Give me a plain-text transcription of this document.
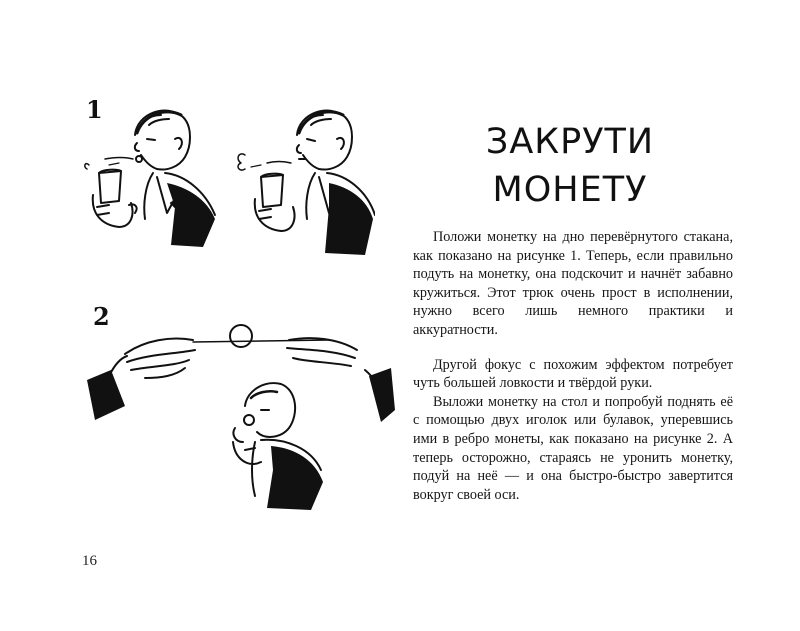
1
2
ЗАКРУТИ
МОНЕТУ

Положи монетку на дно перевёрнутого стакана, как показано на рисунке 1. Теперь, если правильно подуть на монетку, она подскочит и начнёт забавно кружиться. Этот трюк очень прост в исполнении, нужно всего лишь немного практики и аккуратности.

Другой фокус с похожим эффектом потребует чуть большей ловкости и твёрдой руки.

Выложи монетку на стол и попробуй поднять её с помощью двух иголок или булавок, уперевшись ими в ребро монеты, как показано на рисунке 2. А теперь осторожно, стараясь не уронить монетку, подуй на неё — и она быстро-быстро завертится вокруг своей оси.

16
